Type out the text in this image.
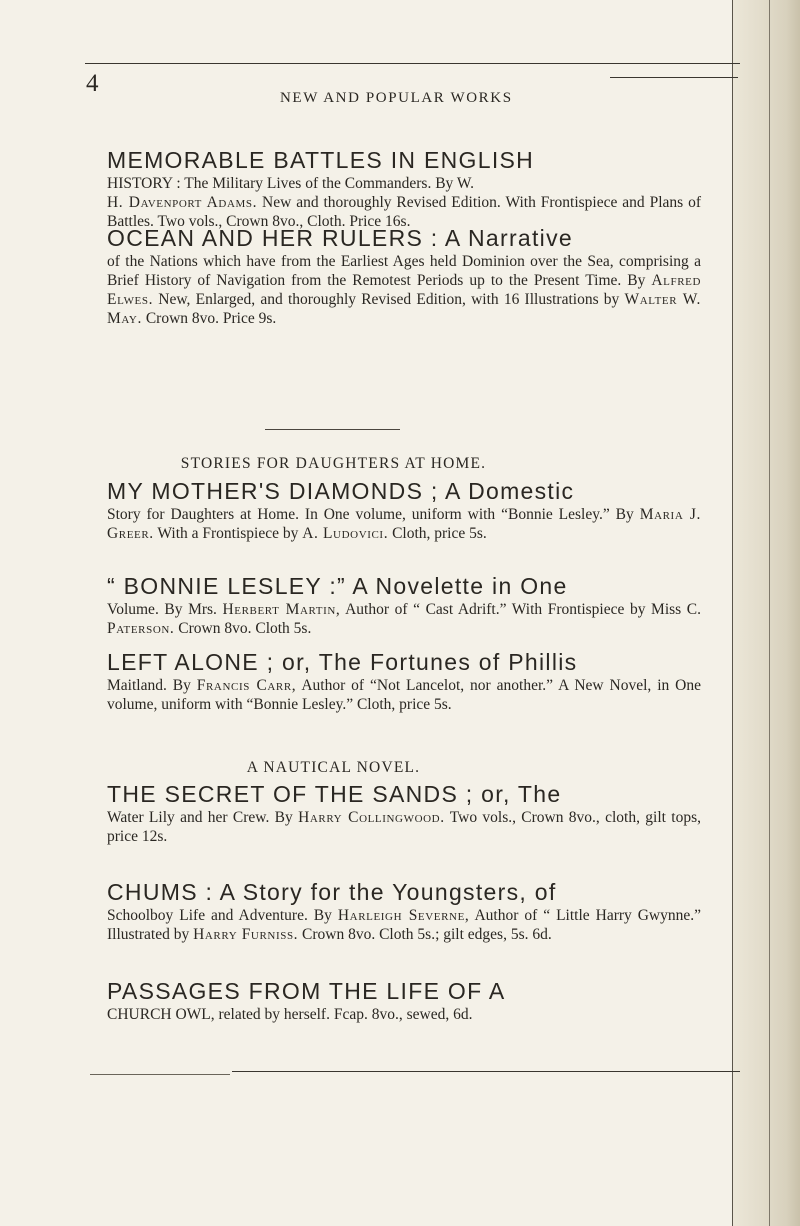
4
NEW AND POPULAR WORKS
MEMORABLE BATTLES IN ENGLISH
HISTORY : The Military Lives of the Commanders. By W.
H. Davenport Adams. New and thoroughly Revised Edition. With Frontispiece and Plans of Battles. Two vols., Crown 8vo., Cloth. Price 16s.
OCEAN AND HER RULERS : A Narrative
of the Nations which have from the Earliest Ages held Dominion over the Sea, comprising a Brief History of Navigation from the Remotest Periods up to the Present Time. By Alfred Elwes. New, Enlarged, and thoroughly Revised Edition, with 16 Illustrations by Walter W. May. Crown 8vo. Price 9s.
STORIES FOR DAUGHTERS AT HOME.
MY MOTHER'S DIAMONDS ; A Domestic
Story for Daughters at Home. In One volume, uniform with “Bonnie Lesley.” By Maria J. Greer. With a Frontispiece by A. Ludovici. Cloth, price 5s.
“ BONNIE LESLEY :” A Novelette in One
Volume. By Mrs. Herbert Martin, Author of “ Cast Adrift.” With Frontispiece by Miss C. Paterson. Crown 8vo. Cloth 5s.
LEFT ALONE ; or, The Fortunes of Phillis
Maitland. By Francis Carr, Author of “Not Lancelot, nor another.” A New Novel, in One volume, uniform with “Bonnie Lesley.” Cloth, price 5s.
A NAUTICAL NOVEL.
THE SECRET OF THE SANDS ; or, The
Water Lily and her Crew. By Harry Collingwood. Two vols., Crown 8vo., cloth, gilt tops, price 12s.
CHUMS : A Story for the Youngsters, of
Schoolboy Life and Adventure. By Harleigh Severne, Author of “ Little Harry Gwynne.” Illustrated by Harry Furniss. Crown 8vo. Cloth 5s.; gilt edges, 5s. 6d.
PASSAGES FROM THE LIFE OF A
CHURCH OWL, related by herself. Fcap. 8vo., sewed, 6d.
